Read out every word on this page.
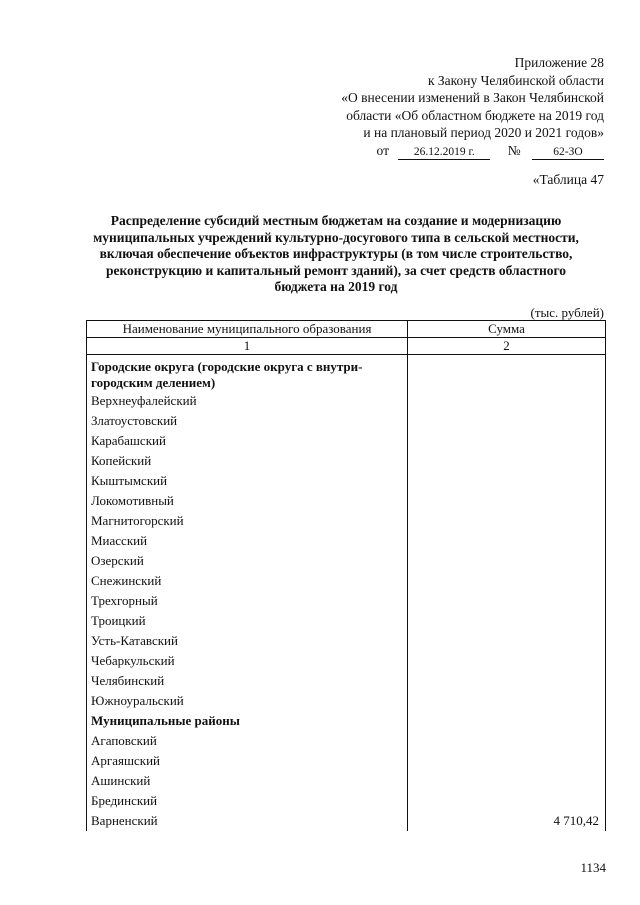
Приложение 28
к Закону Челябинской области
«О внесении изменений в Закон Челябинской
области «Об областном бюджете на 2019 год
и на плановый период 2020 и 2021 годов»
от 26.12.2019 г. №	62-ЗО
«Таблица 47
Распределение субсидий местным бюджетам на создание и модернизацию муниципальных учреждений культурно-досугового типа в сельской местности, включая обеспечение объектов инфраструктуры (в том числе строительство, реконструкцию и капитальный ремонт зданий), за счет средств областного бюджета на 2019 год
(тыс. рублей)
Наименование муниципального образования	Сумма
1	2
Городские округа (городские округа с внутри-городским делением)	
Верхнеуфалейский	
Златоустовский	
Карабашский	
Копейский	
Кыштымский	
Локомотивный	
Магнитогорский	
Миасский	
Озерский	
Снежинский	
Трехгорный	
Троицкий	
Усть-Катавский	
Чебаркульский	
Челябинский	
Южноуральский	
Муниципальные районы	
Агаповский	
Аргаяшский	
Ашинский	
Брединский	
Варненский	4 710,42
1134
